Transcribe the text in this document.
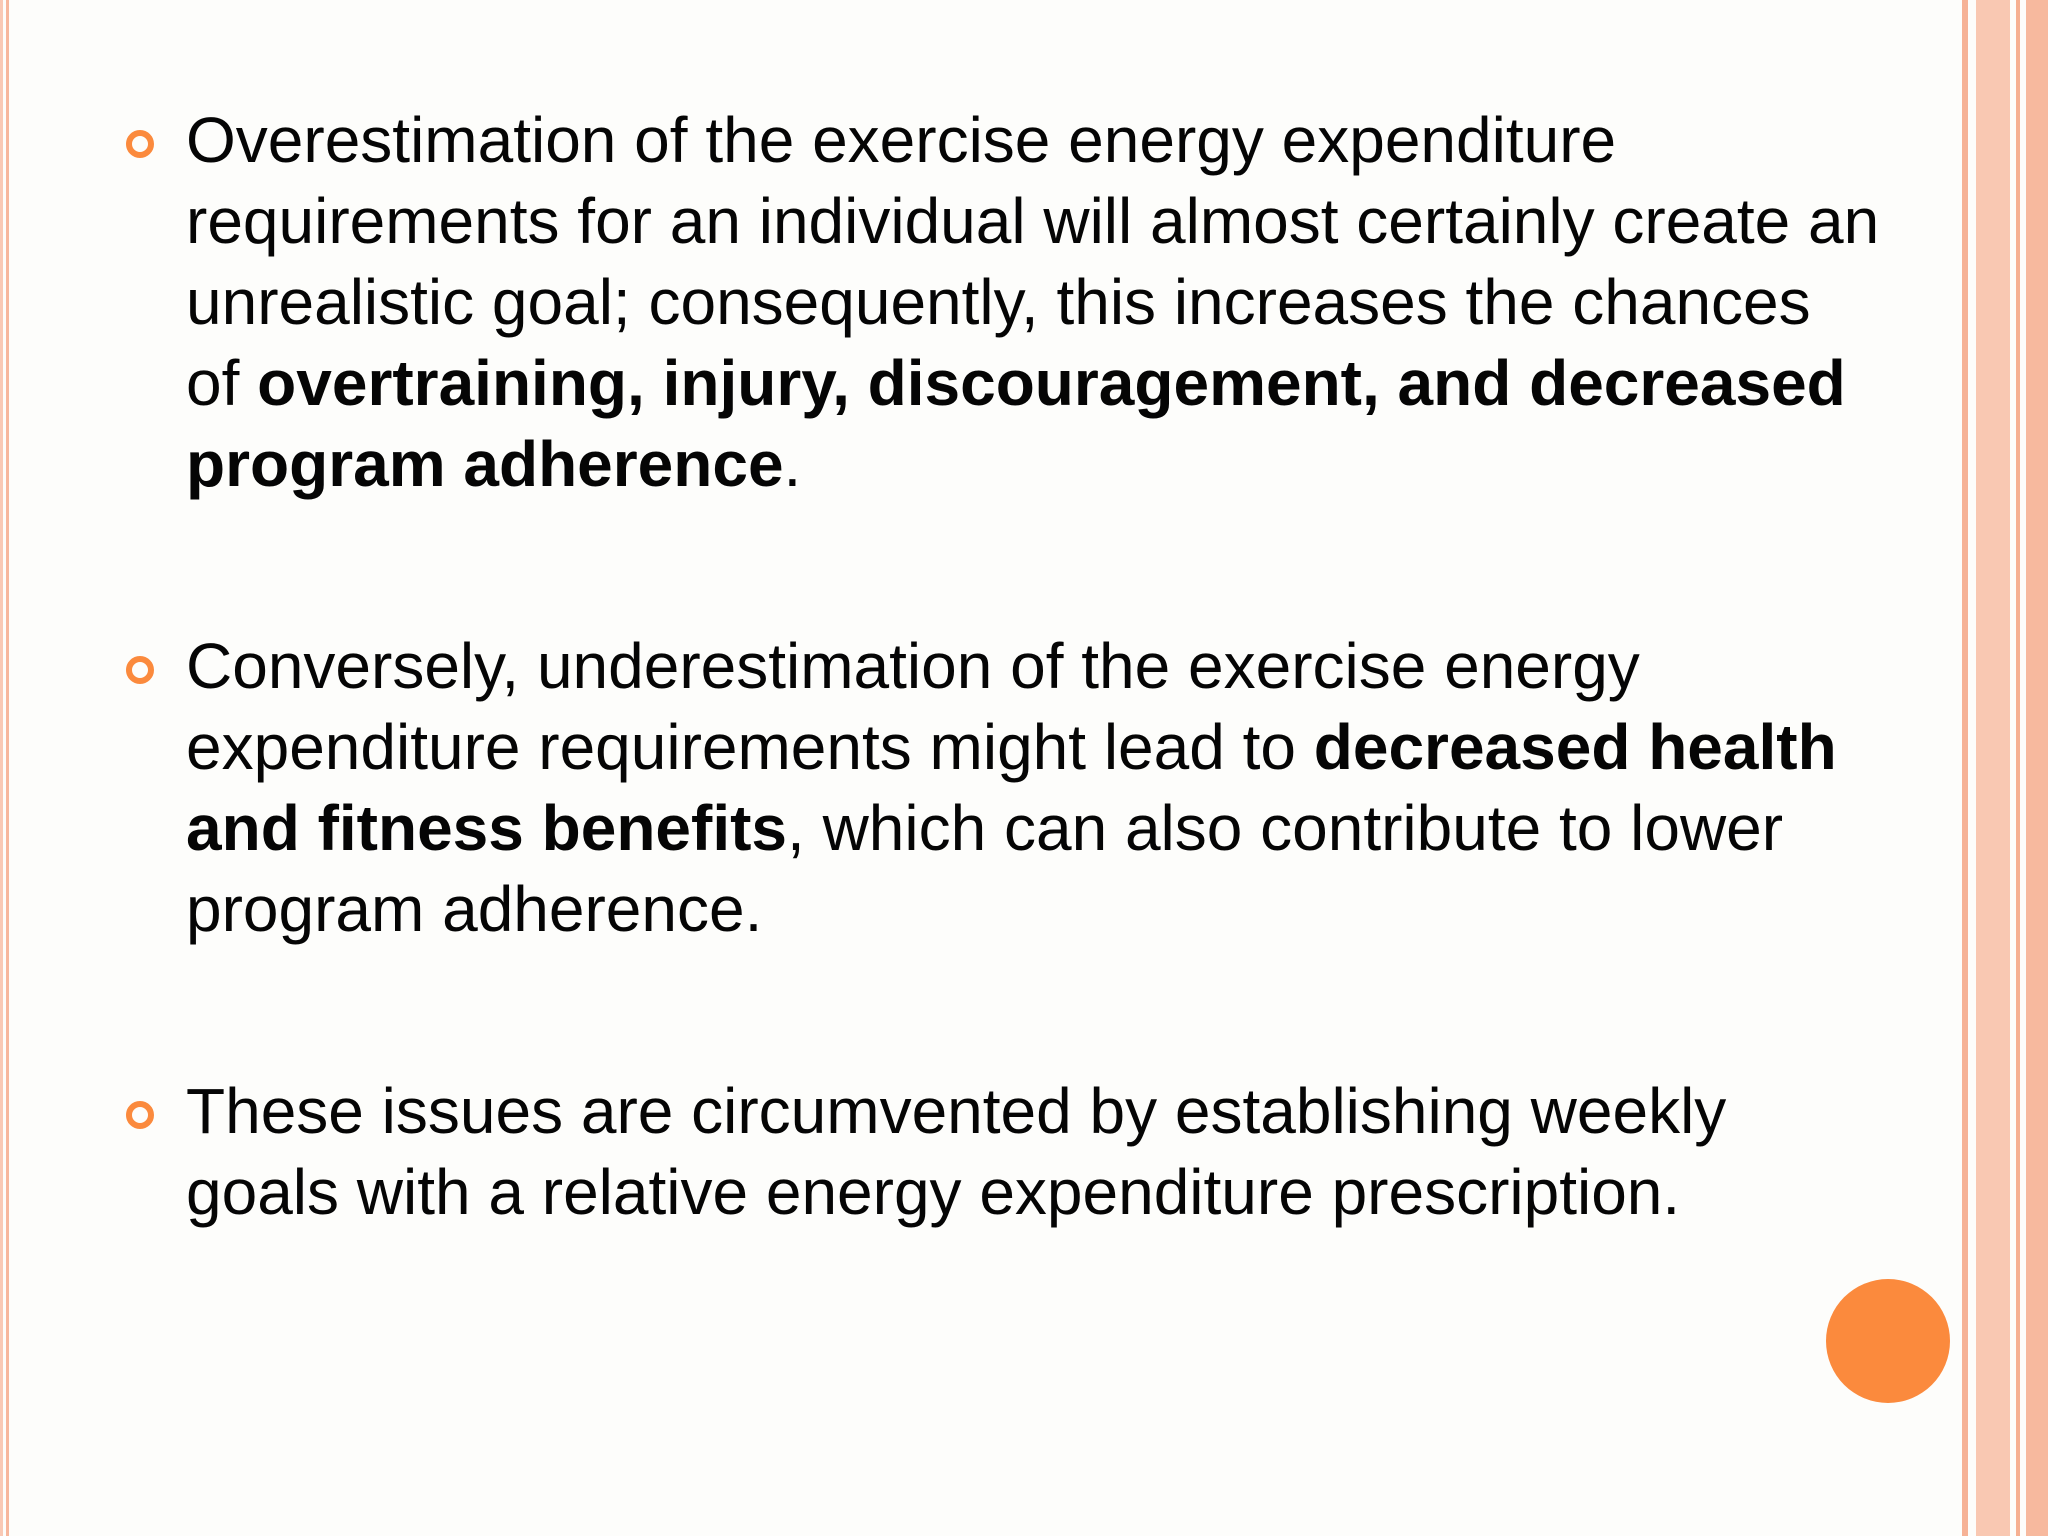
Overestimation of the exercise energy expenditure requirements for an individual will almost certainly create an unrealistic goal; consequently, this increases the chances of overtraining, injury, discouragement, and decreased program adherence.
Conversely, underestimation of the exercise energy expenditure requirements might lead to decreased health and fitness benefits, which can also contribute to lower program adherence.
These issues are circumvented by establishing weekly goals with a relative energy expenditure prescription.
